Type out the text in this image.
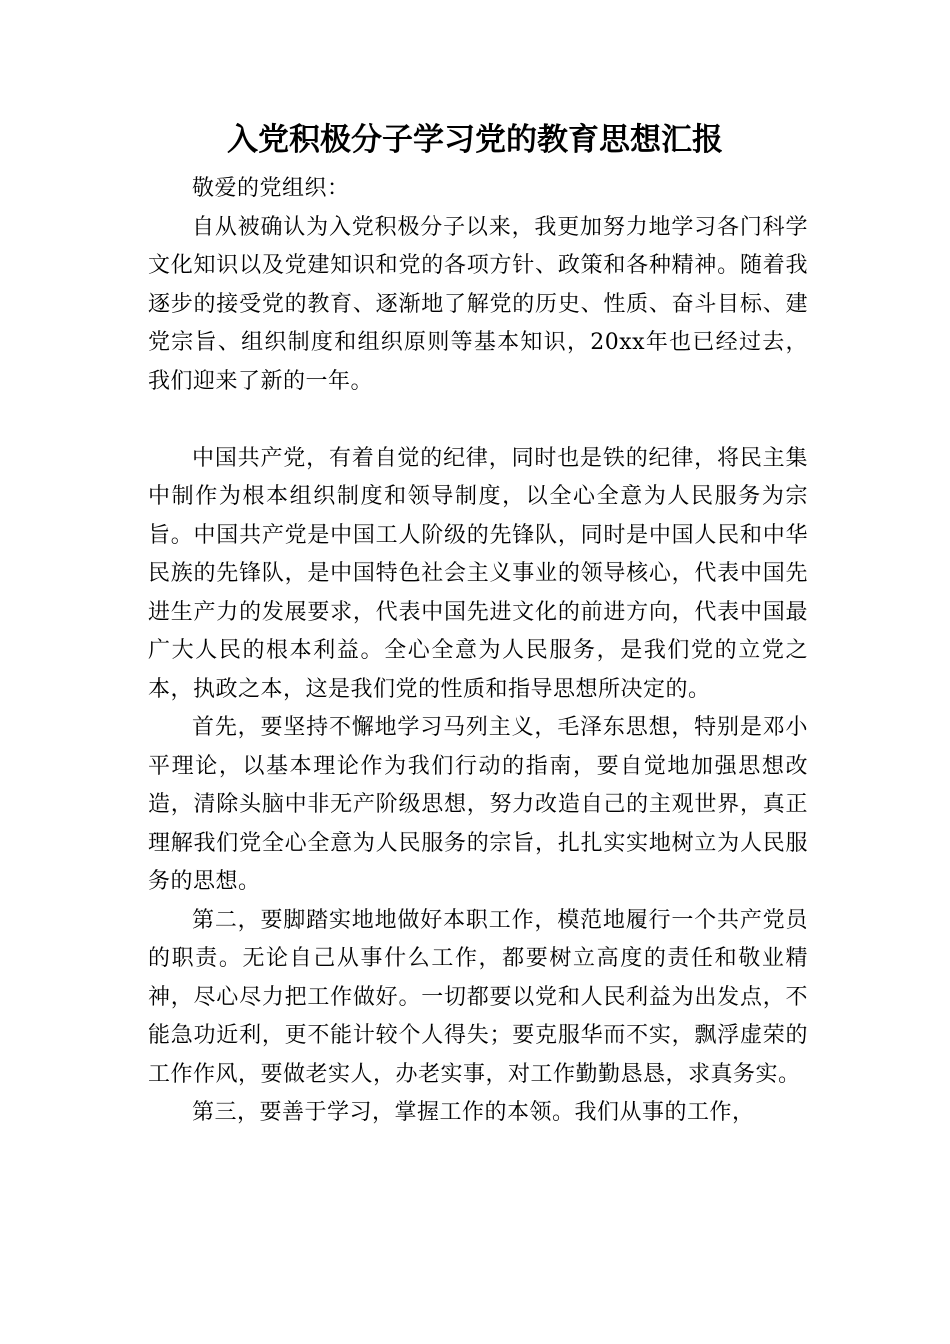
入党积极分子学习党的教育思想汇报

敬爱的党组织：

自从被确认为入党积极分子以来，我更加努力地学习各门科学文化知识以及党建知识和党的各项方针、政策和各种精神。随着我逐步的接受党的教育、逐渐地了解党的历史、性质、奋斗目标、建党宗旨、组织制度和组织原则等基本知识，20xx年也已经过去，我们迎来了新的一年。

中国共产党，有着自觉的纪律，同时也是铁的纪律，将民主集中制作为根本组织制度和领导制度，以全心全意为人民服务为宗旨。中国共产党是中国工人阶级的先锋队，同时是中国人民和中华民族的先锋队，是中国特色社会主义事业的领导核心，代表中国先进生产力的发展要求，代表中国先进文化的前进方向，代表中国最广大人民的根本利益。全心全意为人民服务，是我们党的立党之本，执政之本，这是我们党的性质和指导思想所决定的。

首先，要坚持不懈地学习马列主义，毛泽东思想，特别是邓小平理论，以基本理论作为我们行动的指南，要自觉地加强思想改造，清除头脑中非无产阶级思想，努力改造自己的主观世界，真正理解我们党全心全意为人民服务的宗旨，扎扎实实地树立为人民服务的思想。

第二，要脚踏实地地做好本职工作，模范地履行一个共产党员的职责。无论自己从事什么工作，都要树立高度的责任和敬业精神，尽心尽力把工作做好。一切都要以党和人民利益为出发点，不能急功近利，更不能计较个人得失；要克服华而不实，飘浮虚荣的工作作风，要做老实人，办老实事，对工作勤勤恳恳，求真务实。

第三，要善于学习，掌握工作的本领。我们从事的工作，
